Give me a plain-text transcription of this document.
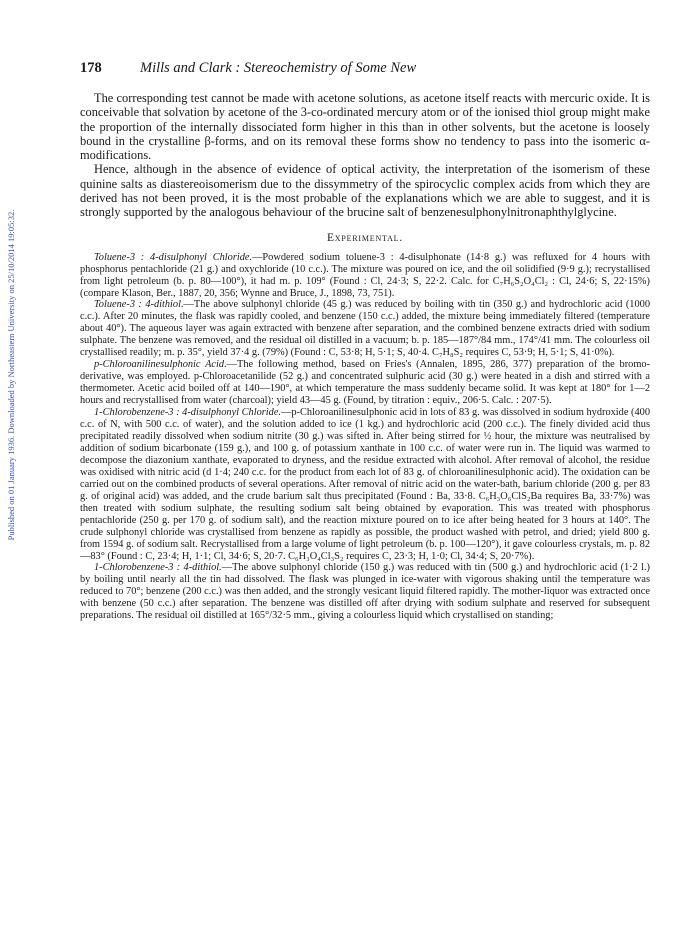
Published on 01 January 1936. Downloaded by Northeastern University on 25/10/2014 19:05:32.
178	Mills and Clark : Stereochemistry of Some New

The corresponding test cannot be made with acetone solutions, as acetone itself reacts with mercuric oxide. It is conceivable that solvation by acetone of the 3-co-ordinated mercury atom or of the ionised thiol group might make the proportion of the internally dissociated form higher in this than in other solvents, but the acetone is loosely bound in the crystalline β-forms, and on its removal these forms show no tendency to pass into the isomeric α-modifications.

Hence, although in the absence of evidence of optical activity, the interpretation of the isomerism of these quinine salts as diastereoisomerism due to the dissymmetry of the spirocyclic complex acids from which they are derived has not been proved, it is the most probable of the explanations which we are able to suggest, and it is strongly supported by the analogous behaviour of the brucine salt of benzenesulphonylnitronaphthylglycine.

Experimental.

Toluene-3 : 4-disulphonyl Chloride.—Powdered sodium toluene-3 : 4-disulphonate (14·8 g.) was refluxed for 4 hours with phosphorus pentachloride (21 g.) and oxychloride (10 c.c.). The mixture was poured on ice, and the oil solidified (9·9 g.); recrystallised from light petroleum (b. p. 80—100°), it had m. p. 109° (Found : Cl, 24·3; S, 22·2. Calc. for C₇H₆S₂O₄Cl₂ : Cl, 24·6; S, 22·15%) (compare Klason, Ber., 1887, 20, 356; Wynne and Bruce, J., 1898, 73, 751).

Toluene-3 : 4-dithiol.—The above sulphonyl chloride (45 g.) was reduced by boiling with tin (350 g.) and hydrochloric acid (1000 c.c.). After 20 minutes, the flask was rapidly cooled, and benzene (150 c.c.) added, the mixture being immediately filtered (temperature about 40°). The aqueous layer was again extracted with benzene after separation, and the combined benzene extracts dried with sodium sulphate. The benzene was removed, and the residual oil distilled in a vacuum; b. p. 185—187°/84 mm., 174°/41 mm. The colourless oil crystallised readily; m. p. 35°, yield 37·4 g. (79%) (Found : C, 53·8; H, 5·1; S, 40·4. C₇H₈S₂ requires C, 53·9; H, 5·1; S, 41·0%).

p-Chloroanilinesulphonic Acid.—The following method, based on Fries's (Annalen, 1895, 286, 377) preparation of the bromo-derivative, was employed. p-Chloroacetanilide (52 g.) and concentrated sulphuric acid (30 g.) were heated in a dish and stirred with a thermometer. Acetic acid boiled off at 140—190°, at which temperature the mass suddenly became solid. It was kept at 180° for 1—2 hours and recrystallised from water (charcoal); yield 43—45 g. (Found, by titration : equiv., 206·5. Calc. : 207·5).

1-Chlorobenzene-3 : 4-disulphonyl Chloride.—p-Chloroanilinesulphonic acid in lots of 83 g. was dissolved in sodium hydroxide (400 c.c. of N, with 500 c.c. of water), and the solution added to ice (1 kg.) and hydrochloric acid (200 c.c.). The finely divided acid thus precipitated readily dissolved when sodium nitrite (30 g.) was sifted in. After being stirred for ½ hour, the mixture was neutralised by addition of sodium bicarbonate (159 g.), and 100 g. of potassium xanthate in 100 c.c. of water were run in. The liquid was warmed to decompose the diazonium xanthate, evaporated to dryness, and the residue extracted with alcohol. After removal of alcohol, the residue was oxidised with nitric acid (d 1·4; 240 c.c. for the product from each lot of 83 g. of chloroanilinesulphonic acid). The oxidation can be carried out on the combined products of several operations. After removal of nitric acid on the water-bath, barium chloride (200 g. per 83 g. of original acid) was added, and the crude barium salt thus precipitated (Found : Ba, 33·8. C₆H₃O₆ClS₂Ba requires Ba, 33·7%) was then treated with sodium sulphate, the resulting sodium salt being obtained by evaporation. This was treated with phosphorus pentachloride (250 g. per 170 g. of sodium salt), and the reaction mixture poured on to ice after being heated for 3 hours at 140°. The crude sulphonyl chloride was crystallised from benzene as rapidly as possible, the product washed with petrol, and dried; yield 800 g. from 1594 g. of sodium salt. Recrystallised from a large volume of light petroleum (b. p. 100—120°), it gave colourless crystals, m. p. 82—83° (Found : C, 23·4; H, 1·1; Cl, 34·6; S, 20·7. C₆H₃O₄Cl₃S₂ requires C, 23·3; H, 1·0; Cl, 34·4; S, 20·7%).

1-Chlorobenzene-3 : 4-dithiol.—The above sulphonyl chloride (150 g.) was reduced with tin (500 g.) and hydrochloric acid (1·2 l.) by boiling until nearly all the tin had dissolved. The flask was plunged in ice-water with vigorous shaking until the temperature was reduced to 70°; benzene (200 c.c.) was then added, and the strongly vesicant liquid filtered rapidly. The mother-liquor was extracted once with benzene (50 c.c.) after separation. The benzene was distilled off after drying with sodium sulphate and reserved for subsequent preparations. The residual oil distilled at 165°/32·5 mm., giving a colourless liquid which crystallised on standing;
